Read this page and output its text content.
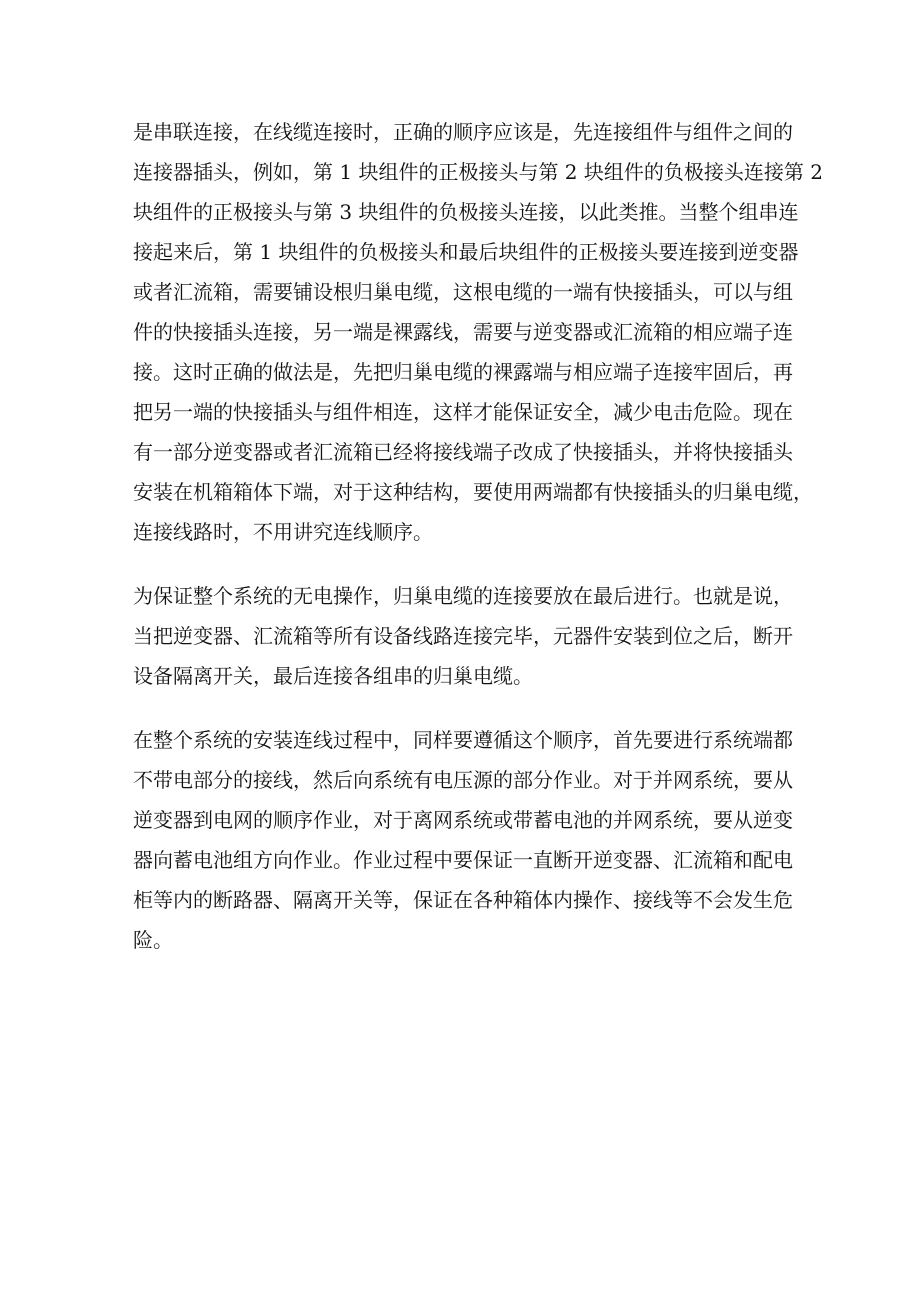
是串联连接，在线缆连接时，正确的顺序应该是，先连接组件与组件之间的
连接器插头，例如，第 1 块组件的正极接头与第 2 块组件的负极接头连接第 2
块组件的正极接头与第 3 块组件的负极接头连接，以此类推。当整个组串连
接起来后，第 1 块组件的负极接头和最后块组件的正极接头要连接到逆变器
或者汇流箱，需要铺设根归巢电缆，这根电缆的一端有快接插头，可以与组
件的快接插头连接，另一端是裸露线，需要与逆变器或汇流箱的相应端子连
接。这时正确的做法是，先把归巢电缆的裸露端与相应端子连接牢固后，再
把另一端的快接插头与组件相连，这样才能保证安全，减少电击危险。现在
有一部分逆变器或者汇流箱已经将接线端子改成了快接插头，并将快接插头
安装在机箱箱体下端，对于这种结构，要使用两端都有快接插头的归巢电缆，
连接线路时，不用讲究连线顺序。

为保证整个系统的无电操作，归巢电缆的连接要放在最后进行。也就是说，
当把逆变器、汇流箱等所有设备线路连接完毕，元器件安装到位之后，断开
设备隔离开关，最后连接各组串的归巢电缆。

在整个系统的安装连线过程中，同样要遵循这个顺序，首先要进行系统端都
不带电部分的接线，然后向系统有电压源的部分作业。对于并网系统，要从
逆变器到电网的顺序作业，对于离网系统或带蓄电池的并网系统，要从逆变
器向蓄电池组方向作业。作业过程中要保证一直断开逆变器、汇流箱和配电
柜等内的断路器、隔离开关等，保证在各种箱体内操作、接线等不会发生危
险。
